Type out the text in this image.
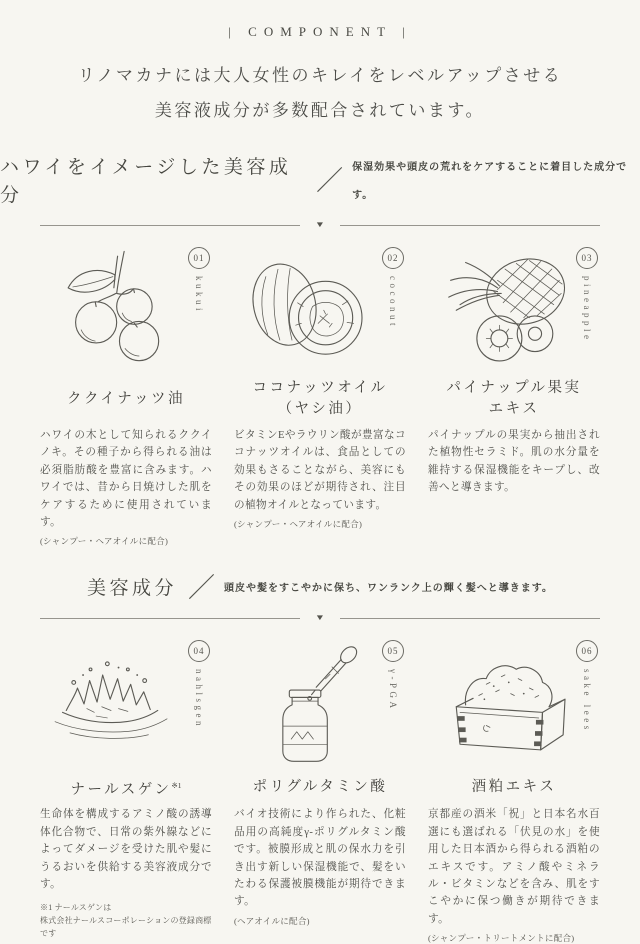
| COMPONENT |
リノマカナには大人女性のキレイをレベルアップさせる
美容液成分が多数配合されています。
ハワイをイメージした美容成分	／ 保湿効果や頭皮の荒れをケアすることに着目した成分です。
▼
01
kukui
ククイナッツ油

ハワイの木として知られるククイノキ。その種子から得られる油は必須脂肪酸を豊富に含みます。ハワイでは、昔から日焼けした肌をケアするために使用されています。

(シャンプー・ヘアオイルに配合)

02
coconut
ココナッツオイル
（ヤシ油）

ビタミンEやラウリン酸が豊富なココナッツオイルは、食品としての効果もさることながら、美容にもその効果のほどが期待され、注目の植物オイルとなっています。

(シャンプー・ヘアオイルに配合)

03
pineapple
パイナップル果実
エキス

パイナップルの果実から抽出された植物性セラミド。肌の水分量を維持する保湿機能をキープし、改善へと導きます。

美容成分 ／ 頭皮や髪をすこやかに保ち、ワンランク上の輝く髪へと導きます。
▼
04
nahlsgen
ナールスゲン$^{※1}$

生命体を構成するアミノ酸の誘導体化合物で、日常の紫外線などによってダメージを受けた肌や髪にうるおいを供給する美容液成分です。

※1 ナールスゲンは
株式会社ナールスコーポレーションの登録商標です

05
γ-PGA
ポリグルタミン酸

バイオ技術により作られた、化粧品用の高純度γ-ポリグルタミン酸です。被膜形成と肌の保水力を引き出す新しい保湿機能で、髪をいたわる保護被膜機能が期待できます。

(ヘアオイルに配合)

06
sake lees
酒粕エキス

京都産の酒米「祝」と日本名水百選にも選ばれる「伏見の水」を使用した日本酒から得られる酒粕のエキスです。アミノ酸やミネラル・ビタミンなどを含み、肌をすこやかに保つ働きが期待できます。

(シャンプー・トリートメントに配合)
